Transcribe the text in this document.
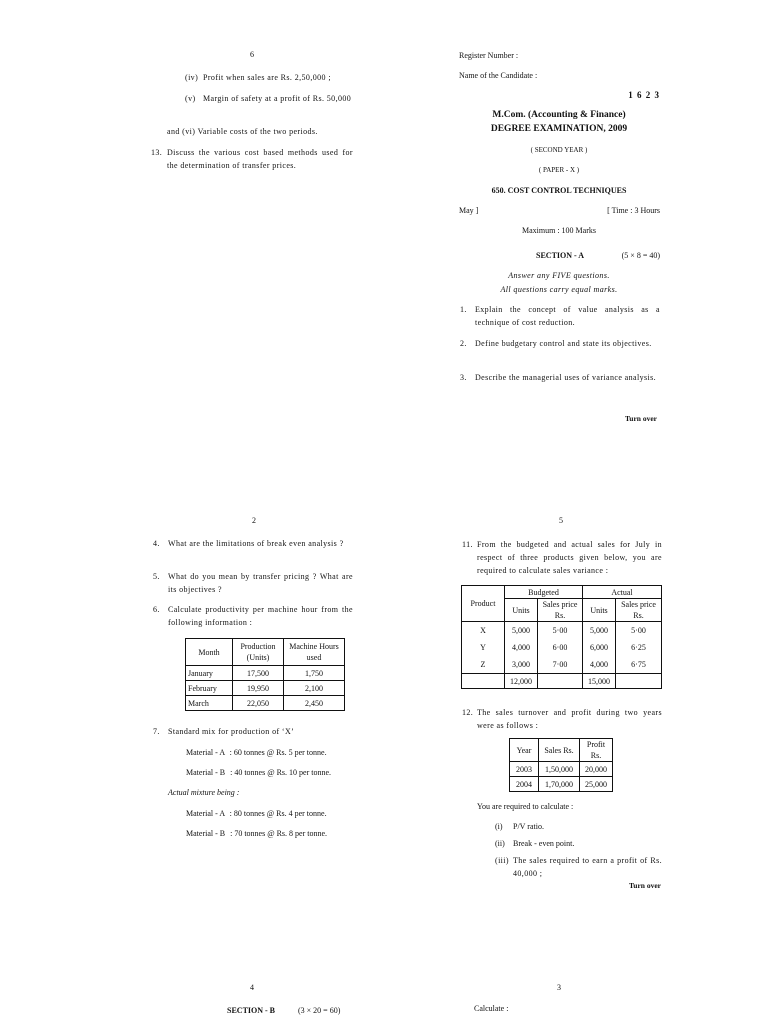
6
(iv) Profit when sales are Rs. 2,50,000 ;
(v) Margin of safety at a profit of Rs. 50,000
and (vi) Variable costs of the two periods.
13. Discuss the various cost based methods used for the determination of transfer prices.
Register Number :
Name of the Candidate :
1 6 2 3
M.Com. (Accounting & Finance)
DEGREE EXAMINATION, 2009
( SECOND YEAR )
( PAPER - X )
650. COST CONTROL TECHNIQUES
May ]	[ Time : 3 Hours
Maximum : 100 Marks
SECTION - A	(5 × 8 = 40)
Answer any FIVE questions.
All questions carry equal marks.
1.	Explain the concept of value analysis as a technique of cost reduction.
2.	Define budgetary control and state its objectives.
3.	Describe the managerial uses of variance analysis.
Turn over
2
4.	What are the limitations of break even analysis ?
5.	What do you mean by transfer pricing ? What are its objectives ?
6.	Calculate productivity per machine hour from the following information :
Month	Production (Units)	Machine Hours used
January	17,500	1,750
February	19,950	2,100
March	22,050	2,450
7.	Standard mix for production of ‘X’
Material - A : 60 tonnes @ Rs. 5 per tonne.
Material - B : 40 tonnes @ Rs. 10 per tonne.
Actual mixture being :
Material - A : 80 tonnes @ Rs. 4 per tonne.
Material - B : 70 tonnes @ Rs. 8 per tonne.
5
11. From the budgeted and actual sales for July in respect of three products given below, you are required to calculate sales variance :
Product	Budgeted		Actual	
	Units	Sales price Rs.	Units	Sales price Rs.
X	5,000	5·00	5,000	5·00
Y	4,000	6·00	6,000	6·25
Z	3,000	7·00	4,000	6·75
	12,000		15,000	
12. The sales turnover and profit during two years were as follows :
Year	Sales Rs.	Profit Rs.
2003	1,50,000	20,000
2004	1,70,000	25,000
You are required to calculate :
(i)	P/V ratio.
(ii)	Break - even point.
(iii) The sales required to earn a profit of Rs. 40,000 ;
Turn over
4
SECTION - B	(3 × 20 = 60)
3
Calculate :
